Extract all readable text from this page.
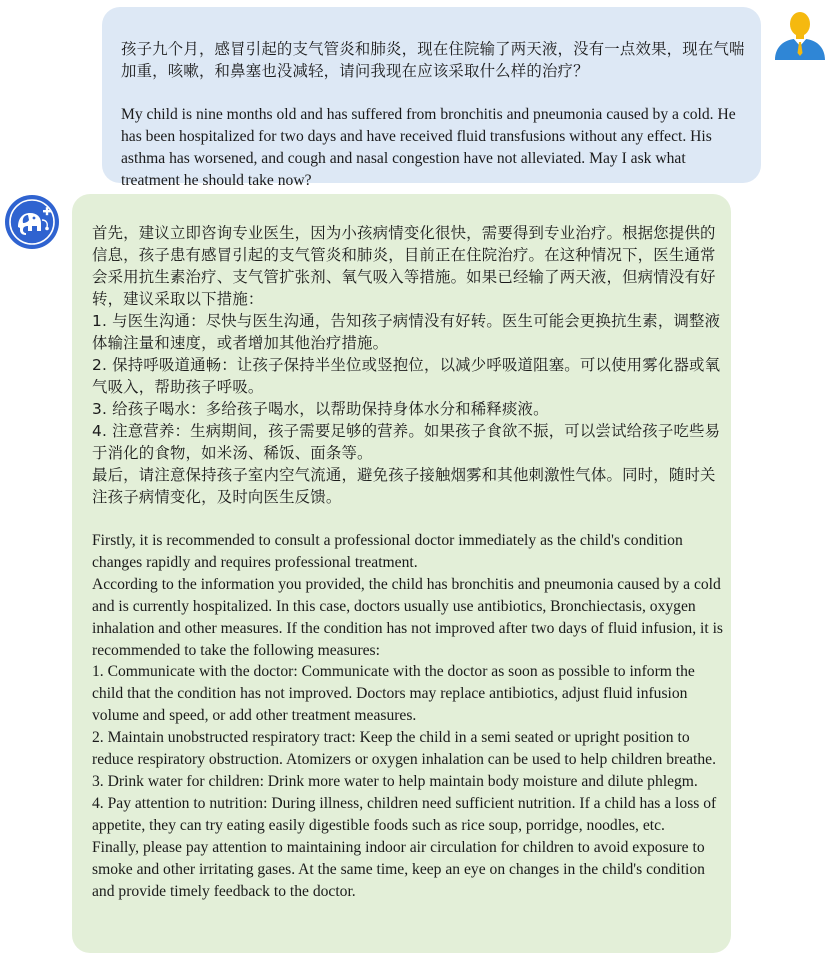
孩子九个月，感冒引起的支气管炎和肺炎，现在住院输了两天液，没有一点效果，现在气喘加重，咳嗽，和鼻塞也没减轻，请问我现在应该采取什么样的治疗？

My child is nine months old and has suffered from bronchitis and pneumonia caused by a cold. He has been hospitalized for two days and have received fluid transfusions without any effect. His asthma has worsened, and cough and nasal congestion have not alleviated. May I ask what treatment he should take now?

首先，建议立即咨询专业医生，因为小孩病情变化很快，需要得到专业治疗。根据您提供的信息，孩子患有感冒引起的支气管炎和肺炎，目前正在住院治疗。在这种情况下，医生通常会采用抗生素治疗、支气管扩张剂、氧气吸入等措施。如果已经输了两天液，但病情没有好转，建议采取以下措施：
1. 与医生沟通：尽快与医生沟通，告知孩子病情没有好转。医生可能会更换抗生素，调整液体输注量和速度，或者增加其他治疗措施。
2. 保持呼吸道通畅：让孩子保持半坐位或竖抱位，以减少呼吸道阻塞。可以使用雾化器或氧气吸入，帮助孩子呼吸。
3. 给孩子喝水：多给孩子喝水，以帮助保持身体水分和稀释痰液。
4. 注意营养：生病期间，孩子需要足够的营养。如果孩子食欲不振，可以尝试给孩子吃些易于消化的食物，如米汤、稀饭、面条等。
最后，请注意保持孩子室内空气流通，避免孩子接触烟雾和其他刺激性气体。同时，随时关注孩子病情变化，及时向医生反馈。

Firstly, it is recommended to consult a professional doctor immediately as the child's condition changes rapidly and requires professional treatment.
According to the information you provided, the child has bronchitis and pneumonia caused by a cold and is currently hospitalized. In this case, doctors usually use antibiotics, Bronchiectasis, oxygen inhalation and other measures. If the condition has not improved after two days of fluid infusion, it is recommended to take the following measures:
1. Communicate with the doctor: Communicate with the doctor as soon as possible to inform the child that the condition has not improved. Doctors may replace antibiotics, adjust fluid infusion volume and speed, or add other treatment measures.
2. Maintain unobstructed respiratory tract: Keep the child in a semi seated or upright position to reduce respiratory obstruction. Atomizers or oxygen inhalation can be used to help children breathe.
3. Drink water for children: Drink more water to help maintain body moisture and dilute phlegm.
4. Pay attention to nutrition: During illness, children need sufficient nutrition. If a child has a loss of appetite, they can try eating easily digestible foods such as rice soup, porridge, noodles, etc.
Finally, please pay attention to maintaining indoor air circulation for children to avoid exposure to smoke and other irritating gases. At the same time, keep an eye on changes in the child's condition and provide timely feedback to the doctor.
